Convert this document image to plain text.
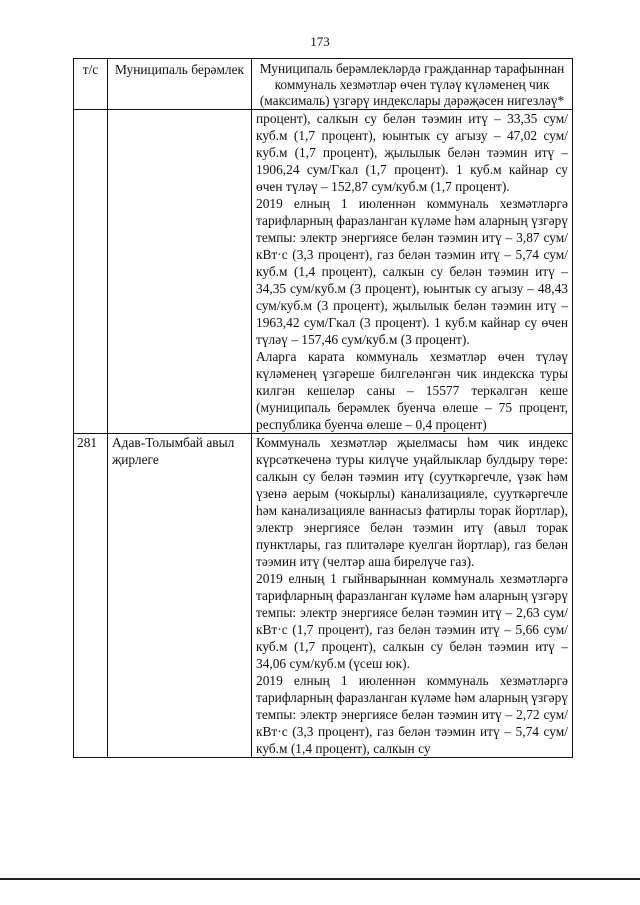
173
т/с	Муниципаль берәмлек	Муниципаль берәмлекләрдә гражданнар тарафыннан коммуналь хезмәтләр өчен түләү күләменең чик (максималь) үзгәрү индекслары дәрәҗәсен нигезләү*

		процент), салкын су белән тәэмин итү – 33,35 сум/куб.м (1,7 процент), юынтык су агызу – 47,02 сум/куб.м (1,7 процент), җылылык белән тәэмин итү – 1906,24 сум/Гкал (1,7 процент). 1 куб.м кайнар су өчен түләү – 152,87 сум/куб.м (1,7 процент).
2019 елның 1 июленнән коммуналь хезмәтләргә тарифларның фаразланган күләме һәм аларның үзгәрү темпы: электр энергиясе белән тәэмин итү – 3,87 сум/кВт·с (3,3 процент), газ белән тәэмин итү – 5,74 сум/куб.м (1,4 процент), салкын су белән тәэмин итү – 34,35 сум/куб.м (3 процент), юынтык су агызу – 48,43 сум/куб.м (3 процент), җылылык белән тәэмин итү – 1963,42 сум/Гкал (3 процент). 1 куб.м кайнар су өчен түләү – 157,46 сум/куб.м (3 процент).
Аларга карата коммуналь хезмәтләр өчен түләү күләменең үзгәреше билгеләнгән чик индекска туры килгән кешеләр саны – 15577 теркәлгән кеше (муниципаль берәмлек буенча өлеше – 75 процент, республика буенча өлеше – 0,4 процент)

281	Адав-Толымбай авыл җирлеге	Коммуналь хезмәтләр җыелмасы һәм чик индекс күрсәткеченә туры килүче уңайлыклар булдыру төре: салкын су белән тәэмин итү (сууткәргечле, үзәк һәм үзенә аерым (чокырлы) канализацияле, сууткәргечле һәм канализацияле ваннасыз фатирлы торак йортлар), электр энергиясе белән тәэмин итү (авыл торак пунктлары, газ плитәләре куелган йортлар), газ белән тәэмин итү (челтәр аша бирелүче газ).
2019 елның 1 гыйнварыннан коммуналь хезмәтләргә тарифларның фаразланган күләме һәм аларның үзгәрү темпы: электр энергиясе белән тәэмин итү – 2,63 сум/кВт·с (1,7 процент), газ белән тәэмин итү – 5,66 сум/куб.м (1,7 процент), салкын су белән тәэмин итү – 34,06 сум/куб.м (үсеш юк).
2019 елның 1 июленнән коммуналь хезмәтләргә тарифларның фаразланган күләме һәм аларның үзгәрү темпы: электр энергиясе белән тәэмин итү – 2,72 сум/кВт·с (3,3 процент), газ белән тәэмин итү – 5,74 сум/куб.м (1,4 процент), салкын су
